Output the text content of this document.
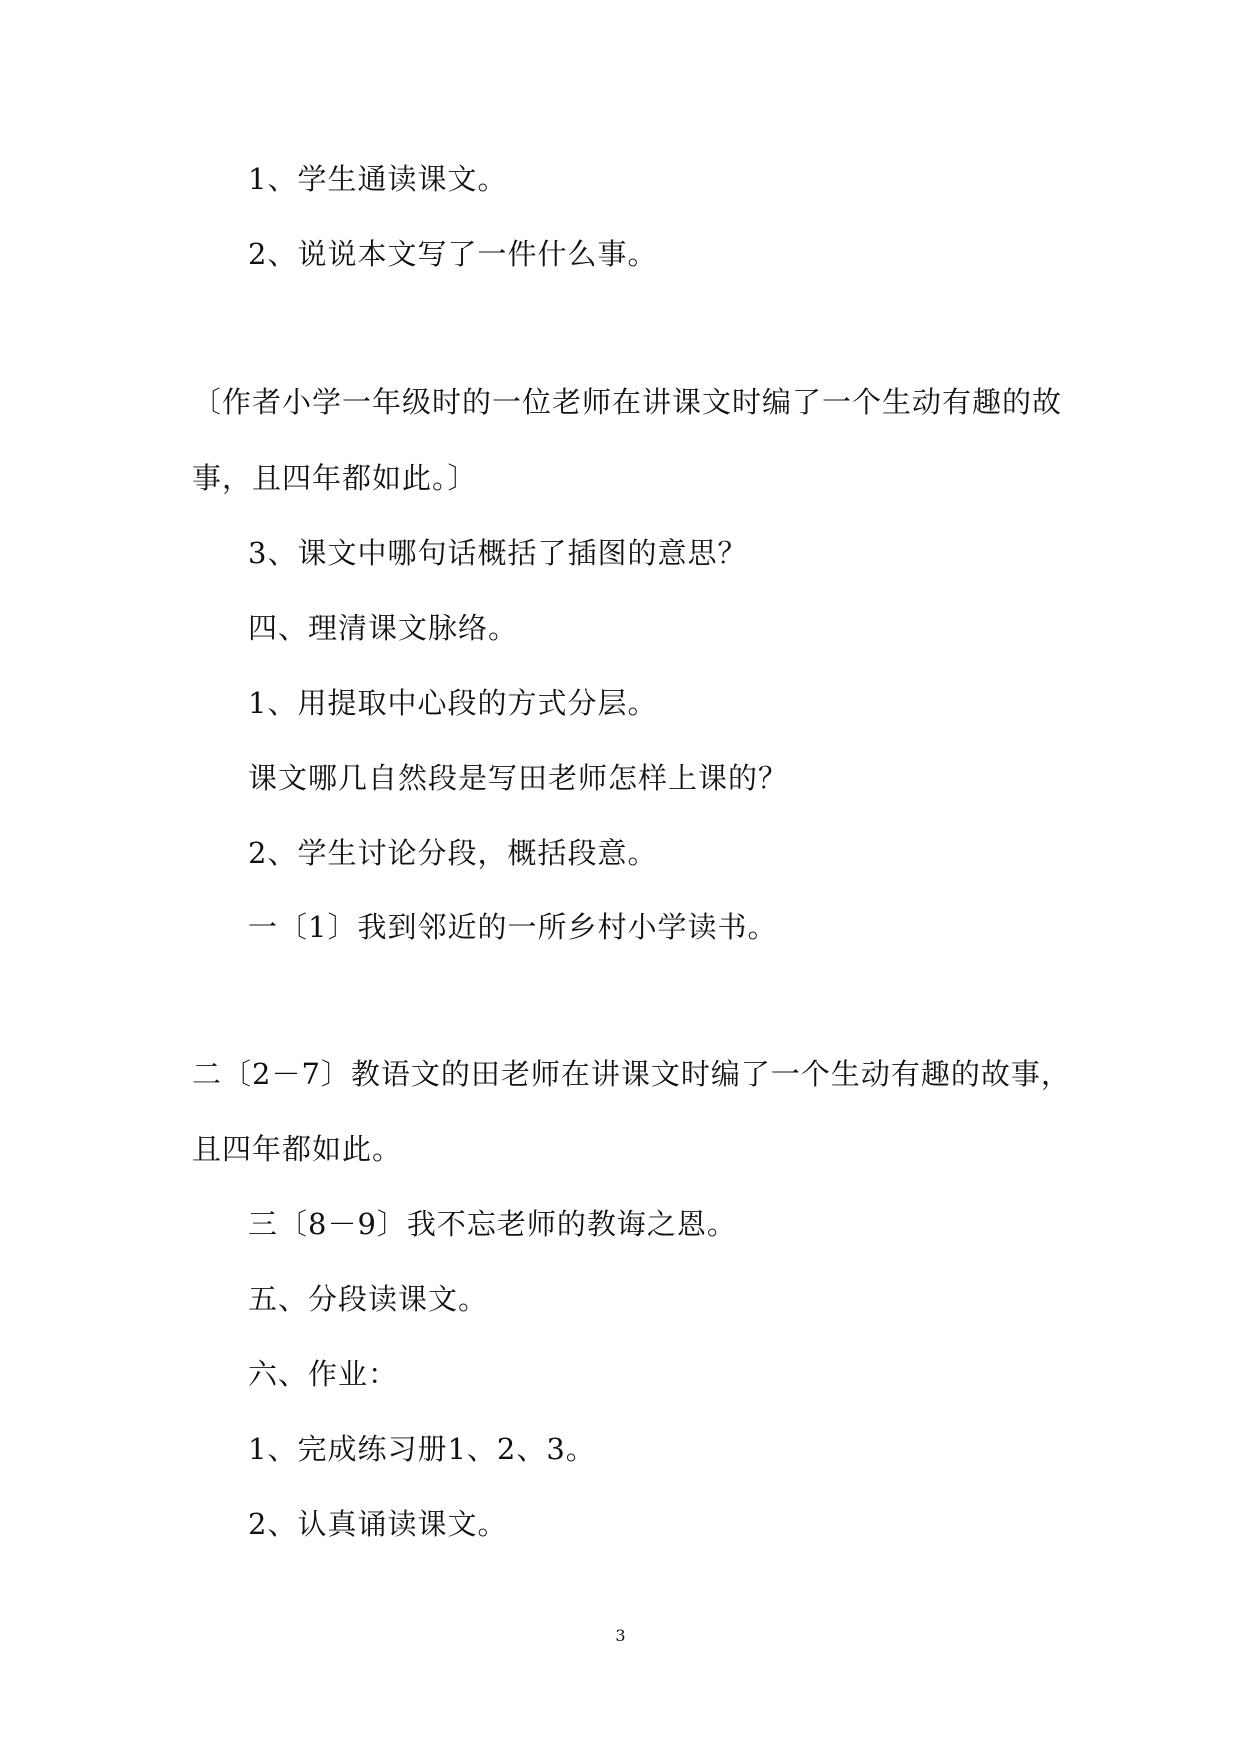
1、学生通读课文。
2、说说本文写了一件什么事。
〔作者小学一年级时的一位老师在讲课文时编了一个生动有趣的故
事，且四年都如此。〕
3、课文中哪句话概括了插图的意思？
四、理清课文脉络。
1、用提取中心段的方式分层。
课文哪几自然段是写田老师怎样上课的？
2、学生讨论分段，概括段意。
一〔1〕我到邻近的一所乡村小学读书。
二〔2－7〕教语文的田老师在讲课文时编了一个生动有趣的故事，
且四年都如此。
三〔8－9〕我不忘老师的教诲之恩。
五、分段读课文。
六、作业：
1、完成练习册1、2、3。
2、认真诵读课文。
3
